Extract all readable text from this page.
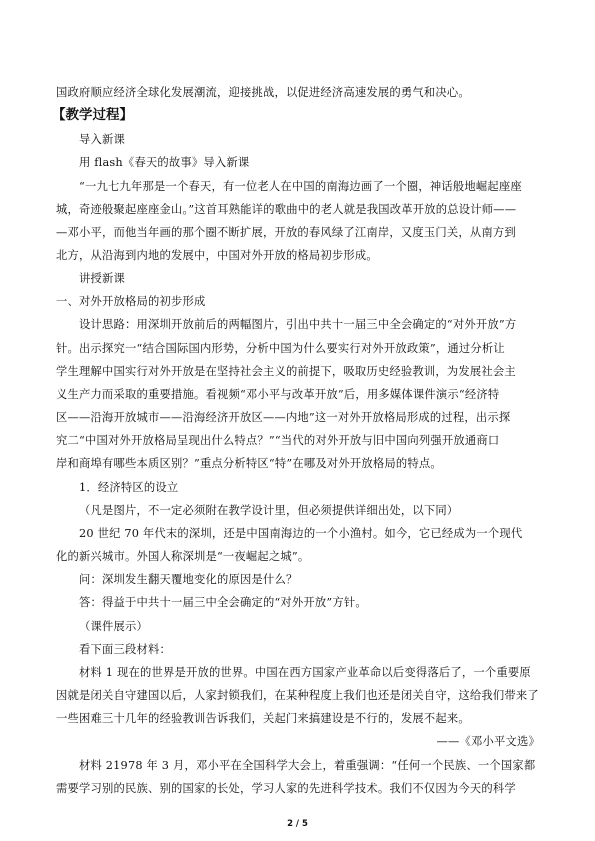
国政府顺应经济全球化发展潮流，迎接挑战，以促进经济高速发展的勇气和决心。
【教学过程】
导入新课
用 flash《春天的故事》导入新课
“一九七九年那是一个春天，有一位老人在中国的南海边画了一个圈，神话般地崛起座座
城，奇迹般聚起座座金山。”这首耳熟能详的歌曲中的老人就是我国改革开放的总设计师——
—邓小平，而他当年画的那个圈不断扩展，开放的春风绿了江南岸，又度玉门关，从南方到
北方，从沿海到内地的发展中，中国对外开放的格局初步形成。
讲授新课
一、对外开放格局的初步形成
设计思路：用深圳开放前后的两幅图片，引出中共十一届三中全会确定的“对外开放”方
针。出示探究一“结合国际国内形势，分析中国为什么要实行对外开放政策”，通过分析让
学生理解中国实行对外开放是在坚持社会主义的前提下，吸取历史经验教训，为发展社会主
义生产力而采取的重要措施。看视频“邓小平与改革开放”后，用多媒体课件演示“经济特
区——沿海开放城市——沿海经济开放区——内地”这一对外开放格局形成的过程，出示探
究二“中国对外开放格局呈现出什么特点？”“当代的对外开放与旧中国向列强开放通商口
岸和商埠有哪些本质区别？”重点分析特区“特”在哪及对外开放格局的特点。
1．经济特区的设立
（凡是图片，不一定必须附在教学设计里，但必须提供详细出处，以下同）
20 世纪 70 年代末的深圳，还是中国南海边的一个小渔村。如今，它已经成为一个现代
化的新兴城市。外国人称深圳是“一夜崛起之城”。
问：深圳发生翻天覆地变化的原因是什么？
答：得益于中共十一届三中全会确定的“对外开放”方针。
（课件展示）
看下面三段材料：
材料 1 现在的世界是开放的世界。中国在西方国家产业革命以后变得落后了，一个重要原
因就是闭关自守建国以后，人家封锁我们，在某种程度上我们也还是闭关自守，这给我们带来了
一些困难三十几年的经验教训告诉我们，关起门来搞建设是不行的，发展不起来。
——《邓小平文选》
材料 21978 年 3 月，邓小平在全国科学大会上，着重强调：“任何一个民族、一个国家都
需要学习别的民族、别的国家的长处，学习人家的先进科学技术。我们不仅因为今天的科学
2 / 5
